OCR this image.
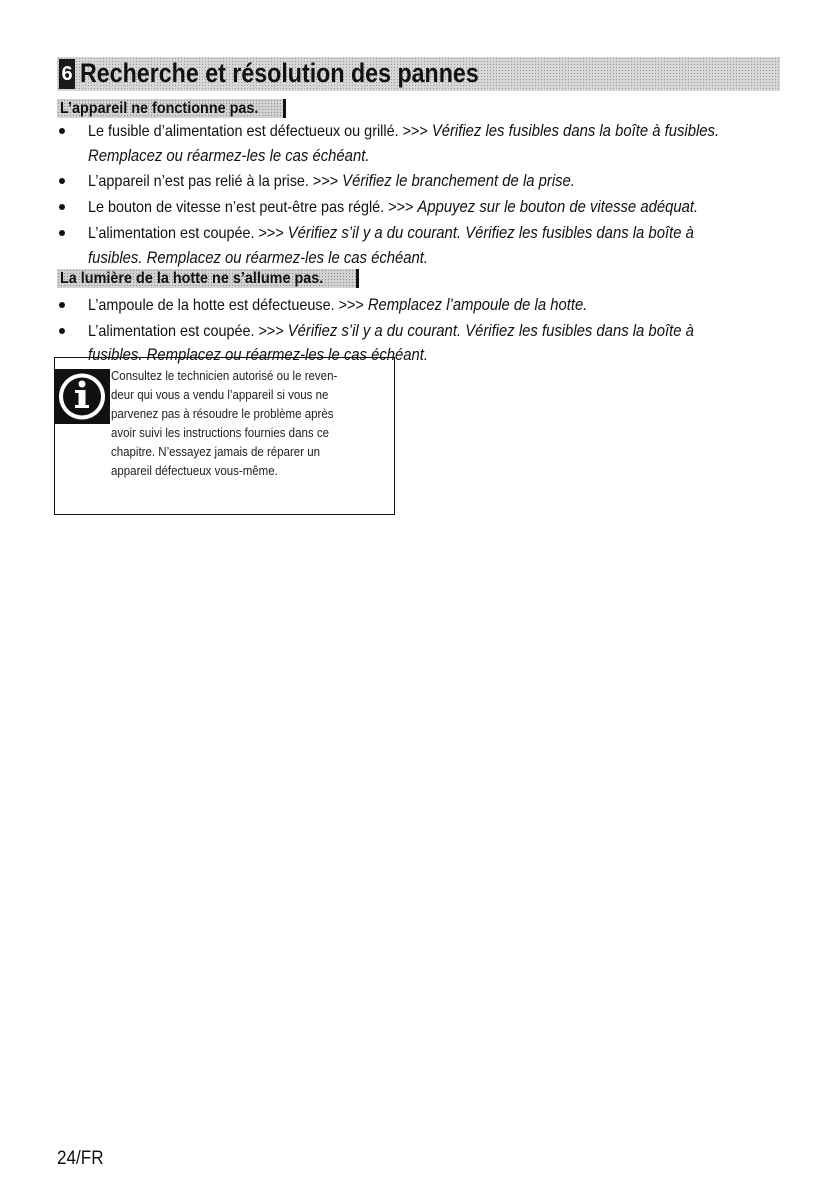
6 Recherche et résolution des pannes
L’appareil ne fonctionne pas.
Le fusible d’alimentation est défectueux ou grillé. >>> Vérifiez les fusibles dans la boîte à fusibles.
Remplacez ou réarmez-les le cas échéant.
L’appareil n’est pas relié à la prise. >>> Vérifiez le branchement de la prise.
Le bouton de vitesse n’est peut-être pas réglé. >>> Appuyez sur le bouton de vitesse adéquat.
L’alimentation est coupée. >>> Vérifiez s’il y a du courant. Vérifiez les fusibles dans la boîte à
fusibles. Remplacez ou réarmez-les le cas échéant.
La lumière de la hotte ne s’allume pas.
L’ampoule de la hotte est défectueuse. >>> Remplacez l’ampoule de la hotte.
L’alimentation est coupée. >>> Vérifiez s’il y a du courant. Vérifiez les fusibles dans la boîte à
fusibles. Remplacez ou réarmez-les le cas échéant.
Consultez le technicien autorisé ou le reven-
deur qui vous a vendu l’appareil si vous ne
parvenez pas à résoudre le problème après
avoir suivi les instructions fournies dans ce
chapitre. N’essayez jamais de réparer un
appareil défectueux vous-même.
24/FR
